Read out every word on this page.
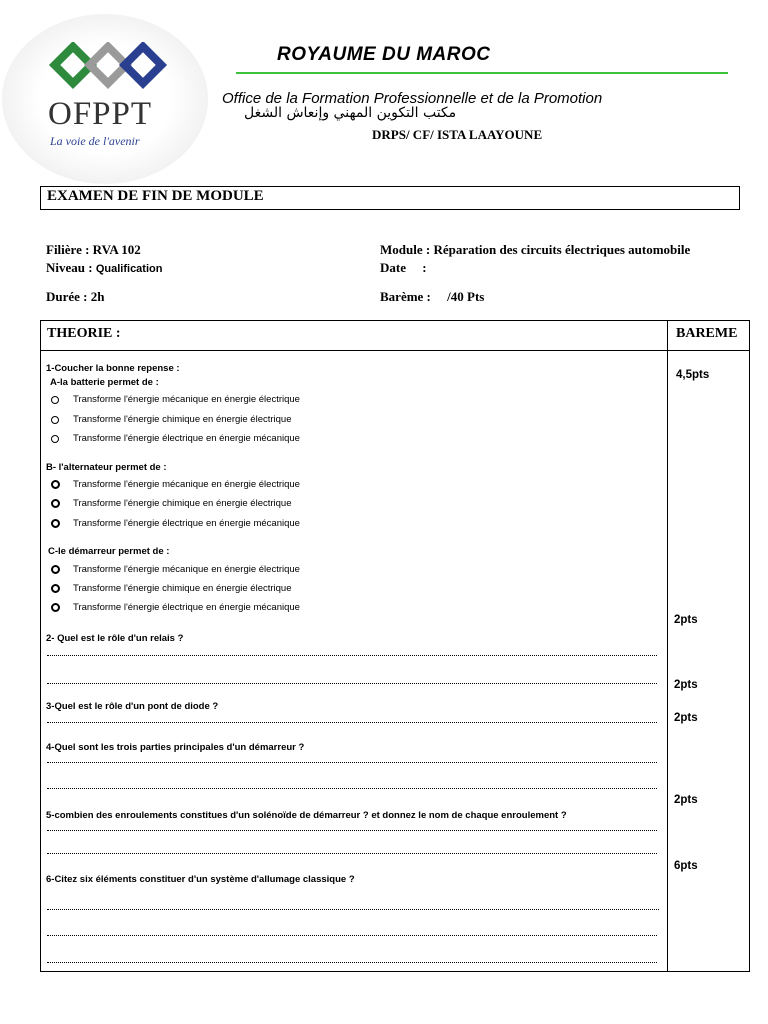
OFPPT
La voie de l'avenir
ROYAUME DU MAROC
Office de la Formation Professionnelle et de la Promotion
مكتب التكوين المهني وإنعاش الشغل
DRPS/ CF/ ISTA LAAYOUNE
EXAMEN DE FIN DE MODULE
Filière : RVA 102
Niveau : Qualification
Durée : 2h
Module : Réparation des circuits électriques automobile
Date     :
Barème :     /40 Pts
THEORIE :	BAREME
1-Coucher la bonne repense :
A-la batterie permet de :
Transforme l'énergie mécanique en énergie électrique
Transforme l'énergie chimique en énergie électrique
Transforme l'énergie électrique en énergie mécanique
B- l'alternateur permet de :
Transforme l'énergie mécanique en énergie électrique
Transforme l'énergie chimique en énergie électrique
Transforme l'énergie électrique en énergie mécanique
C-le démarreur permet de :
Transforme l'énergie mécanique en énergie électrique
Transforme l'énergie chimique en énergie électrique
Transforme l'énergie électrique en énergie mécanique
2- Quel est le rôle d'un relais ?
3-Quel est le rôle d'un pont de diode ?
4-Quel sont les trois parties principales d'un démarreur ?
5-combien des enroulements constitues d'un solénoïde de démarreur ? et donnez le nom de chaque enroulement ?
6-Citez six éléments constituer d'un système d'allumage classique ?
4,5pts
2pts
2pts
2pts
2pts
6pts
